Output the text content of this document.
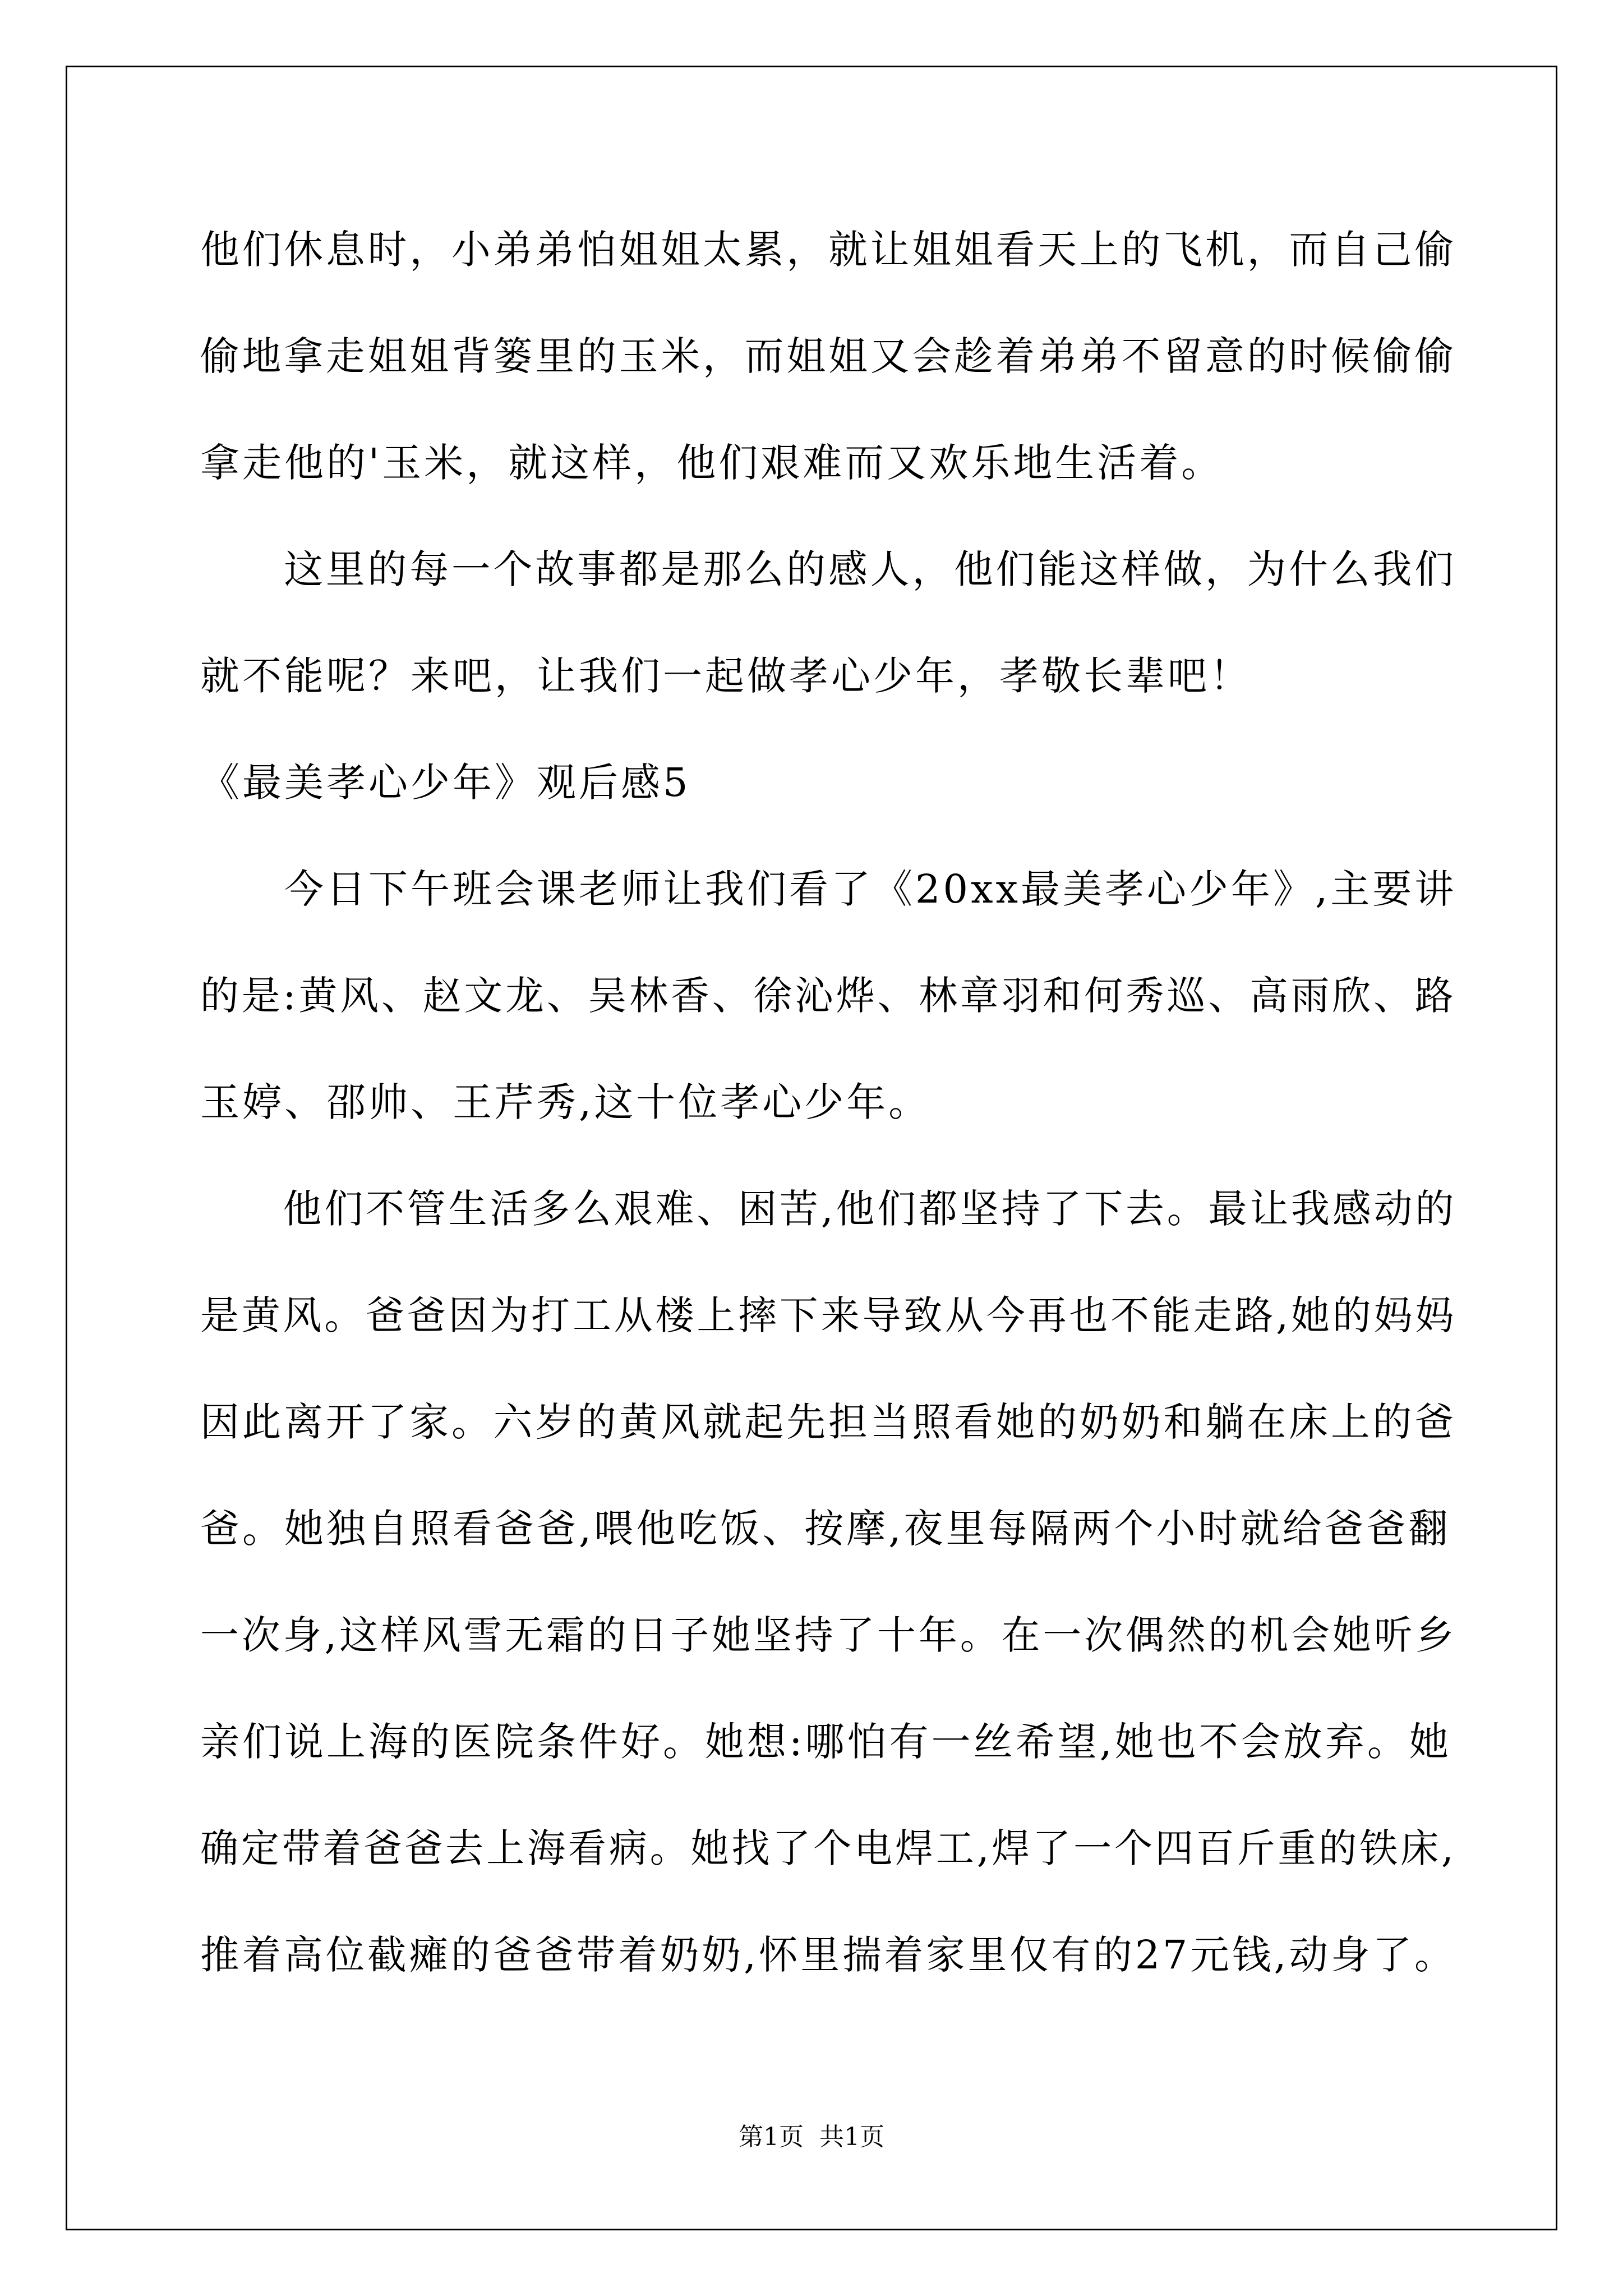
他们休息时，小弟弟怕姐姐太累，就让姐姐看天上的飞机，而自己偷
偷地拿走姐姐背篓里的玉米，而姐姐又会趁着弟弟不留意的时候偷偷
拿走他的'玉米，就这样，他们艰难而又欢乐地生活着。
　　这里的每一个故事都是那么的感人，他们能这样做，为什么我们
就不能呢？来吧，让我们一起做孝心少年，孝敬长辈吧！
《最美孝心少年》观后感5
　　今日下午班会课老师让我们看了《20xx最美孝心少年》,主要讲
的是:黄风、赵文龙、吴林香、徐沁烨、林章羽和何秀巡、高雨欣、路
玉婷、邵帅、王芹秀,这十位孝心少年。
　　他们不管生活多么艰难、困苦,他们都坚持了下去。最让我感动的
是黄风。爸爸因为打工从楼上摔下来导致从今再也不能走路,她的妈妈
因此离开了家。六岁的黄风就起先担当照看她的奶奶和躺在床上的爸
爸。她独自照看爸爸,喂他吃饭、按摩,夜里每隔两个小时就给爸爸翻
一次身,这样风雪无霜的日子她坚持了十年。在一次偶然的机会她听乡
亲们说上海的医院条件好。她想:哪怕有一丝希望,她也不会放弃。她
确定带着爸爸去上海看病。她找了个电焊工,焊了一个四百斤重的铁床,
推着高位截瘫的爸爸带着奶奶,怀里揣着家里仅有的27元钱,动身了。
第1页 共1页
